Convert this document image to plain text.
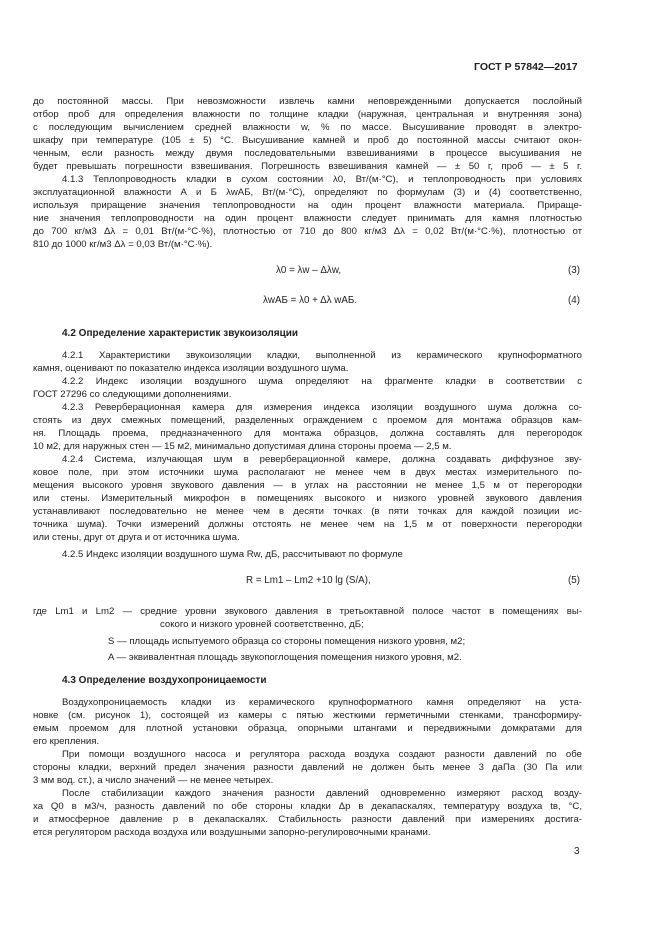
ГОСТ Р 57842—2017
до постоянной массы. При невозможности извлечь камни неповрежденными допускается послойный
отбор проб для определения влажности по толщине кладки (наружная, центральная и внутренняя зона)
с последующим вычислением средней влажности w, % по массе. Высушивание проводят в электро-
шкафу при температуре (105 ± 5) °С. Высушивание камней и проб до постоянной массы считают окон-
ченным, если разность между двумя последовательными взвешиваниями в процессе высушивания не
будет превышать погрешности взвешивания. Погрешность взвешивания камней — ± 50 г, проб — ± 5 г.
4.1.3 Теплопроводность кладки в сухом состоянии λ0, Вт/(м·°С), и теплопроводность при условиях
эксплуатационной влажности А и Б λwАБ, Вт/(м·°С), определяют по формулам (3) и (4) соответственно,
используя приращение значения теплопроводности на один процент влажности материала. Прираще-
ние значения теплопроводности на один процент влажности следует принимать для камня плотностью
до 700 кг/м3 Δλ = 0,01 Вт/(м·°С·%), плотностью от 710 до 800 кг/м3 Δλ = 0,02 Вт/(м·°С·%), плотностью от
810 до 1000 кг/м3 Δλ = 0,03 Вт/(м·°С·%).
λ0 = λw – Δλw,	(3)
λwАБ = λ0 + Δλ wАБ.	(4)
4.2 Определение характеристик звукоизоляции
4.2.1 Характеристики звукоизоляции кладки, выполненной из керамического крупноформатного
камня, оценивают по показателю индекса изоляции воздушного шума.
4.2.2 Индекс изоляции воздушного шума определяют на фрагменте кладки в соответствии с
ГОСТ 27296 со следующими дополнениями.
4.2.3 Реверберационная камера для измерения индекса изоляции воздушного шума должна со-
стоять из двух смежных помещений, разделенных ограждением с проемом для монтажа образцов кам-
ня. Площадь проема, предназначенного для монтажа образцов, должна составлять для перегородок
10 м2, для наружных стен — 15 м2, минимально допустимая длина стороны проема — 2,5 м.
4.2.4 Система, излучающая шум в реверберационной камере, должна создавать диффузное зву-
ковое поле, при этом источники шума располагают не менее чем в двух местах измерительного по-
мещения высокого уровня звукового давления — в углах на расстоянии не менее 1,5 м от перегородки
или стены. Измерительный микрофон в помещениях высокого и низкого уровней звукового давления
устанавливают последовательно не менее чем в десяти точках (в пяти точках для каждой позиции ис-
точника шума). Точки измерений должны отстоять не менее чем на 1,5 м от поверхности перегородки
или стены, друг от друга и от источника шума.
4.2.5 Индекс изоляции воздушного шума Rw, дБ, рассчитывают по формуле
R = Lm1 – Lm2 +10 lg (S/A),	(5)
где Lm1 и Lm2 — средние уровни звукового давления в третьоктавной полосе частот в помещениях вы-
сокого и низкого уровней соответственно, дБ;
S — площадь испытуемого образца со стороны помещения низкого уровня, м2;
A — эквивалентная площадь звукопоглощения помещения низкого уровня, м2.
4.3 Определение воздухопроницаемости
Воздухопроницаемость кладки из керамического крупноформатного камня определяют на уста-
новке (см. рисунок 1), состоящей из камеры с пятью жесткими герметичными стенками, трансформиру-
емым проемом для плотной установки образца, опорными штангами и передвижными домкратами для
его крепления.
При помощи воздушного насоса и регулятора расхода воздуха создают разности давлений по обе
стороны кладки, верхний предел значения разности давлений не должен быть менее 3 даПа (30 Па или
3 мм вод. ст.), а число значений — не менее четырех.
После стабилизации каждого значения разности давлений одновременно измеряют расход возду-
ха Q0 в м3/ч, разность давлений по обе стороны кладки Δp в декапаскалях, температуру воздуха tв, °С,
и атмосферное давление p в декапаскалях. Стабильность разности давлений при измерениях достига-
ется регулятором расхода воздуха или воздушными запорно-регулировочными кранами.
3
